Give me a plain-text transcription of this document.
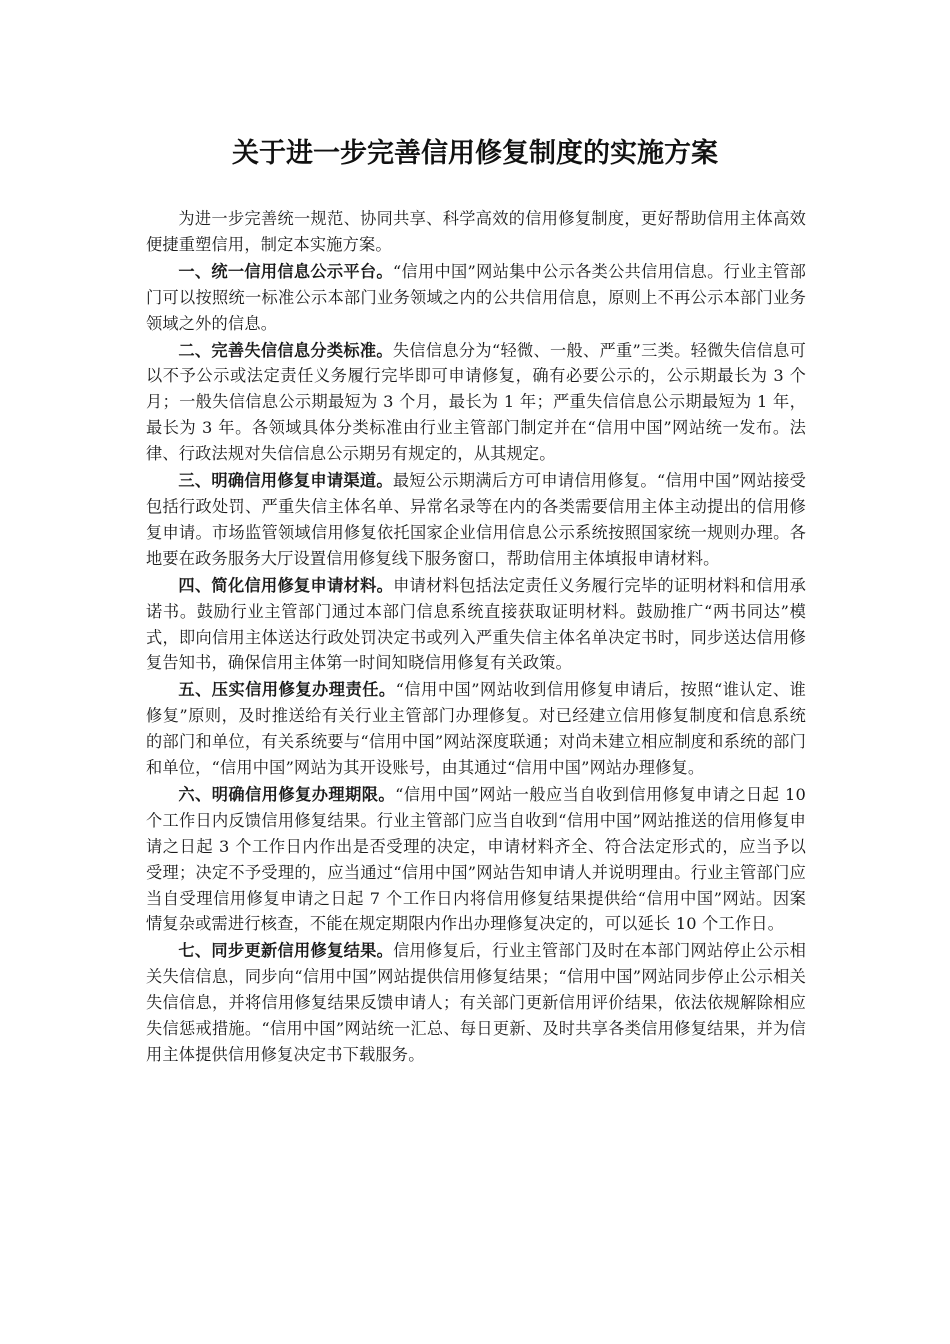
关于进一步完善信用修复制度的实施方案

为进一步完善统一规范、协同共享、科学高效的信用修复制度，更好帮助信用主体高效便捷重塑信用，制定本实施方案。

一、统一信用信息公示平台。“信用中国”网站集中公示各类公共信用信息。行业主管部门可以按照统一标准公示本部门业务领域之内的公共信用信息，原则上不再公示本部门业务领域之外的信息。

二、完善失信信息分类标准。失信信息分为“轻微、一般、严重”三类。轻微失信信息可以不予公示或法定责任义务履行完毕即可申请修复，确有必要公示的，公示期最长为 3 个月；一般失信信息公示期最短为 3 个月，最长为 1 年；严重失信信息公示期最短为 1 年，最长为 3 年。各领域具体分类标准由行业主管部门制定并在“信用中国”网站统一发布。法律、行政法规对失信信息公示期另有规定的，从其规定。

三、明确信用修复申请渠道。最短公示期满后方可申请信用修复。“信用中国”网站接受包括行政处罚、严重失信主体名单、异常名录等在内的各类需要信用主体主动提出的信用修复申请。市场监管领域信用修复依托国家企业信用信息公示系统按照国家统一规则办理。各地要在政务服务大厅设置信用修复线下服务窗口，帮助信用主体填报申请材料。

四、简化信用修复申请材料。申请材料包括法定责任义务履行完毕的证明材料和信用承诺书。鼓励行业主管部门通过本部门信息系统直接获取证明材料。鼓励推广“两书同达”模式，即向信用主体送达行政处罚决定书或列入严重失信主体名单决定书时，同步送达信用修复告知书，确保信用主体第一时间知晓信用修复有关政策。

五、压实信用修复办理责任。“信用中国”网站收到信用修复申请后，按照“谁认定、谁修复”原则，及时推送给有关行业主管部门办理修复。对已经建立信用修复制度和信息系统的部门和单位，有关系统要与“信用中国”网站深度联通；对尚未建立相应制度和系统的部门和单位，“信用中国”网站为其开设账号，由其通过“信用中国”网站办理修复。

六、明确信用修复办理期限。“信用中国”网站一般应当自收到信用修复申请之日起 10 个工作日内反馈信用修复结果。行业主管部门应当自收到“信用中国”网站推送的信用修复申请之日起 3 个工作日内作出是否受理的决定，申请材料齐全、符合法定形式的，应当予以受理；决定不予受理的，应当通过“信用中国”网站告知申请人并说明理由。行业主管部门应当自受理信用修复申请之日起 7 个工作日内将信用修复结果提供给“信用中国”网站。因案情复杂或需进行核查，不能在规定期限内作出办理修复决定的，可以延长 10 个工作日。

七、同步更新信用修复结果。信用修复后，行业主管部门及时在本部门网站停止公示相关失信信息，同步向“信用中国”网站提供信用修复结果；“信用中国”网站同步停止公示相关失信信息，并将信用修复结果反馈申请人；有关部门更新信用评价结果，依法依规解除相应失信惩戒措施。“信用中国”网站统一汇总、每日更新、及时共享各类信用修复结果，并为信用主体提供信用修复决定书下载服务。
